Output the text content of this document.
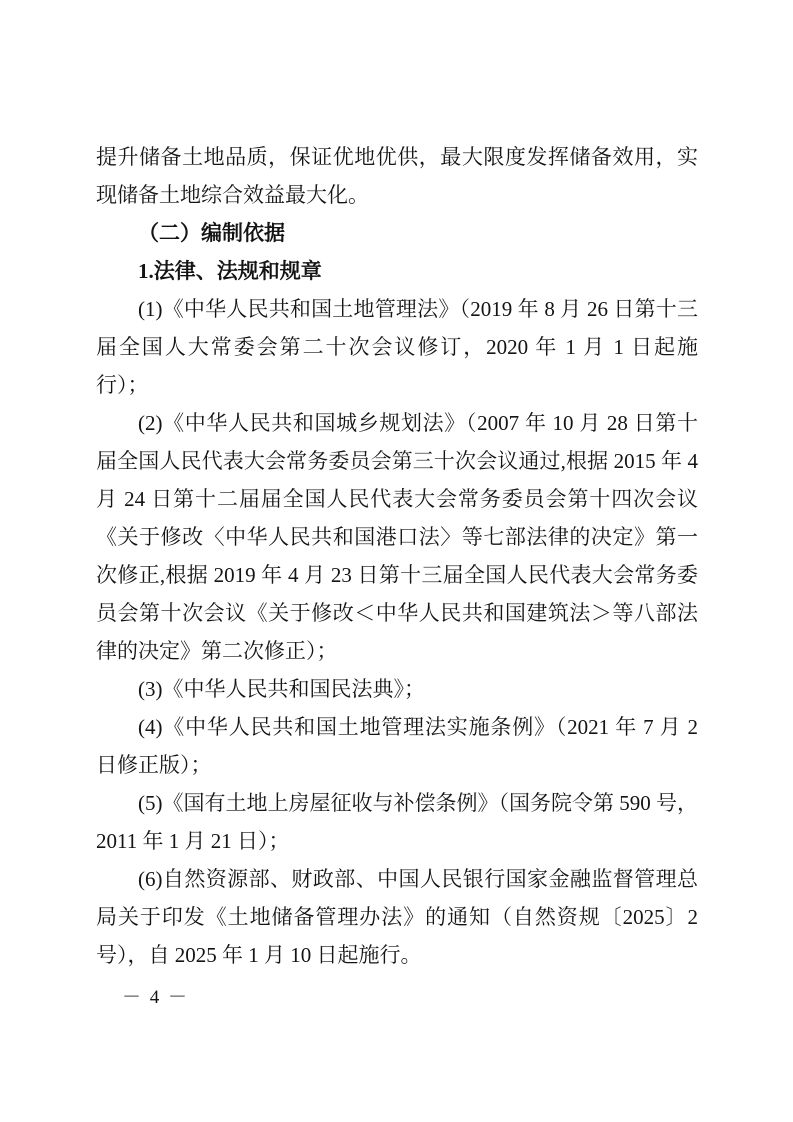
提升储备土地品质，保证优地优供，最大限度发挥储备效用，实现储备土地综合效益最大化。

（二）编制依据

1.法律、法规和规章

(1)《中华人民共和国土地管理法》（2019 年 8 月 26 日第十三届全国人大常委会第二十次会议修订，2020 年 1 月 1 日起施行）；

(2)《中华人民共和国城乡规划法》（2007 年 10 月 28 日第十届全国人民代表大会常务委员会第三十次会议通过,根据 2015 年 4 月 24 日第十二届届全国人民代表大会常务委员会第十四次会议《关于修改〈中华人民共和国港口法〉等七部法律的决定》第一次修正,根据 2019 年 4 月 23 日第十三届全国人民代表大会常务委员会第十次会议《关于修改＜中华人民共和国建筑法＞等八部法律的决定》第二次修正）；

(3)《中华人民共和国民法典》；

(4)《中华人民共和国土地管理法实施条例》（2021 年 7 月 2 日修正版）；

(5)《国有土地上房屋征收与补偿条例》（国务院令第 590 号，2011 年 1 月 21 日）；

(6)自然资源部、财政部、中国人民银行国家金融监督管理总局关于印发《土地储备管理办法》的通知（自然资规〔2025〕2 号），自 2025 年 1 月 10 日起施行。

－ 4 －
